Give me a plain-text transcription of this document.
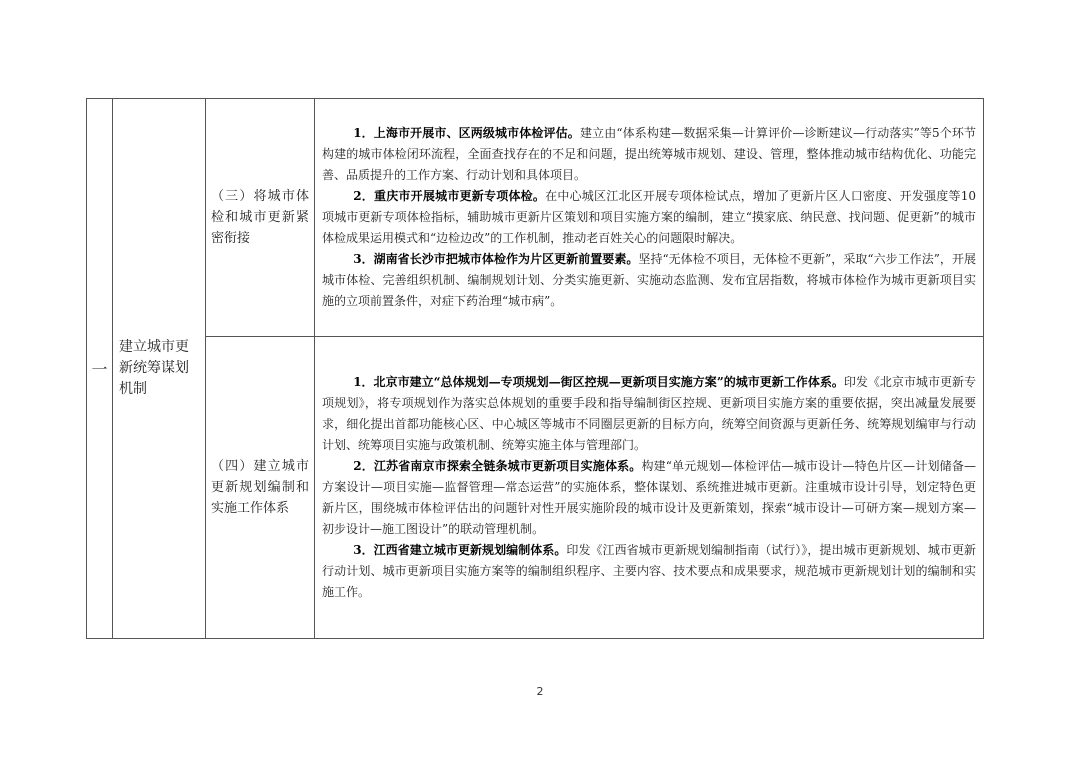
一	建立城市更新统筹谋划机制	（三）将城市体检和城市更新紧密衔接	1．上海市开展市、区两级城市体检评估。建立由“体系构建—数据采集—计算评价—诊断建议—行动落实”等5个环节构建的城市体检闭环流程，全面查找存在的不足和问题，提出统筹城市规划、建设、管理，整体推动城市结构优化、功能完善、品质提升的工作方案、行动计划和具体项目。

2．重庆市开展城市更新专项体检。在中心城区江北区开展专项体检试点，增加了更新片区人口密度、开发强度等10项城市更新专项体检指标，辅助城市更新片区策划和项目实施方案的编制，建立“摸家底、纳民意、找问题、促更新”的城市体检成果运用模式和“边检边改”的工作机制，推动老百姓关心的问题限时解决。

3．湖南省长沙市把城市体检作为片区更新前置要素。坚持“无体检不项目，无体检不更新”，采取“六步工作法”，开展城市体检、完善组织机制、编制规划计划、分类实施更新、实施动态监测、发布宜居指数，将城市体检作为城市更新项目实施的立项前置条件，对症下药治理“城市病”。

		（四）建立城市更新规划编制和实施工作体系	1．北京市建立“总体规划—专项规划—街区控规—更新项目实施方案”的城市更新工作体系。印发《北京市城市更新专项规划》，将专项规划作为落实总体规划的重要手段和指导编制街区控规、更新项目实施方案的重要依据，突出减量发展要求，细化提出首都功能核心区、中心城区等城市不同圈层更新的目标方向，统筹空间资源与更新任务、统筹规划编审与行动计划、统筹项目实施与政策机制、统筹实施主体与管理部门。

2．江苏省南京市探索全链条城市更新项目实施体系。构建“单元规划—体检评估—城市设计—特色片区—计划储备—方案设计—项目实施—监督管理—常态运营”的实施体系，整体谋划、系统推进城市更新。注重城市设计引导，划定特色更新片区，围绕城市体检评估出的问题针对性开展实施阶段的城市设计及更新策划，探索“城市设计—可研方案—规划方案—初步设计—施工图设计”的联动管理机制。

3．江西省建立城市更新规划编制体系。印发《江西省城市更新规划编制指南（试行）》，提出城市更新规划、城市更新行动计划、城市更新项目实施方案等的编制组织程序、主要内容、技术要点和成果要求，规范城市更新规划计划的编制和实施工作。

2
